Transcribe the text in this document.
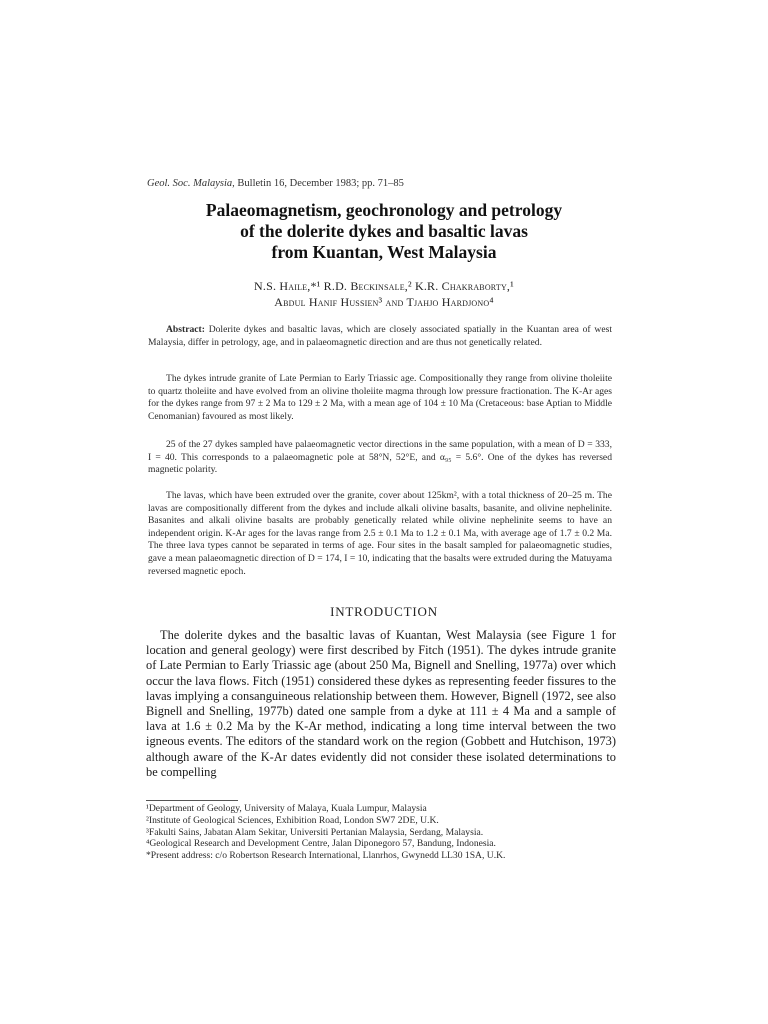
Geol. Soc. Malaysia, Bulletin 16, December 1983; pp. 71–85
Palaeomagnetism, geochronology and petrology
of the dolerite dykes and basaltic lavas
from Kuantan, West Malaysia
N.S. Haile,*¹ R.D. Beckinsale,² K.R. Chakraborty,¹
Abdul Hanif Hussien³ and Tjahjo Hardjono⁴

Abstract: Dolerite dykes and basaltic lavas, which are closely associated spatially in the Kuantan area of west Malaysia, differ in petrology, age, and in palaeomagnetic direction and are thus not genetically related.

The dykes intrude granite of Late Permian to Early Triassic age. Compositionally they range from olivine tholeiite to quartz tholeiite and have evolved from an olivine tholeiite magma through low pressure fractionation. The K-Ar ages for the dykes range from 97 ± 2 Ma to 129 ± 2 Ma, with a mean age of 104 ± 10 Ma (Cretaceous: base Aptian to Middle Cenomanian) favoured as most likely.

25 of the 27 dykes sampled have palaeomagnetic vector directions in the same population, with a mean of D = 333, I = 40. This corresponds to a palaeomagnetic pole at 58°N, 52°E, and α₉₅ = 5.6°. One of the dykes has reversed magnetic polarity.

The lavas, which have been extruded over the granite, cover about 125km², with a total thickness of 20–25 m. The lavas are compositionally different from the dykes and include alkali olivine basalts, basanite, and olivine nephelinite. Basanites and alkali olivine basalts are probably genetically related while olivine nephelinite seems to have an independent origin. K-Ar ages for the lavas range from 2.5 ± 0.1 Ma to 1.2 ± 0.1 Ma, with average age of 1.7 ± 0.2 Ma. The three lava types cannot be separated in terms of age. Four sites in the basalt sampled for palaeomagnetic studies, gave a mean palaeomagnetic direction of D = 174, I = 10, indicating that the basalts were extruded during the Matuyama reversed magnetic epoch.

INTRODUCTION

The dolerite dykes and the basaltic lavas of Kuantan, West Malaysia (see Figure 1 for location and general geology) were first described by Fitch (1951). The dykes intrude granite of Late Permian to Early Triassic age (about 250 Ma, Bignell and Snelling, 1977a) over which occur the lava flows. Fitch (1951) considered these dykes as representing feeder fissures to the lavas implying a consanguineous relationship between them. However, Bignell (1972, see also Bignell and Snelling, 1977b) dated one sample from a dyke at 111 ± 4 Ma and a sample of lava at 1.6 ± 0.2 Ma by the K-Ar method, indicating a long time interval between the two igneous events. The editors of the standard work on the region (Gobbett and Hutchison, 1973) although aware of the K-Ar dates evidently did not consider these isolated determinations to be compelling

¹Department of Geology, University of Malaya, Kuala Lumpur, Malaysia
²Institute of Geological Sciences, Exhibition Road, London SW7 2DE, U.K.
³Fakulti Sains, Jabatan Alam Sekitar, Universiti Pertanian Malaysia, Serdang, Malaysia.
⁴Geological Research and Development Centre, Jalan Diponegoro 57, Bandung, Indonesia.
*Present address: c/o Robertson Research International, Llanrhos, Gwynedd LL30 1SA, U.K.
